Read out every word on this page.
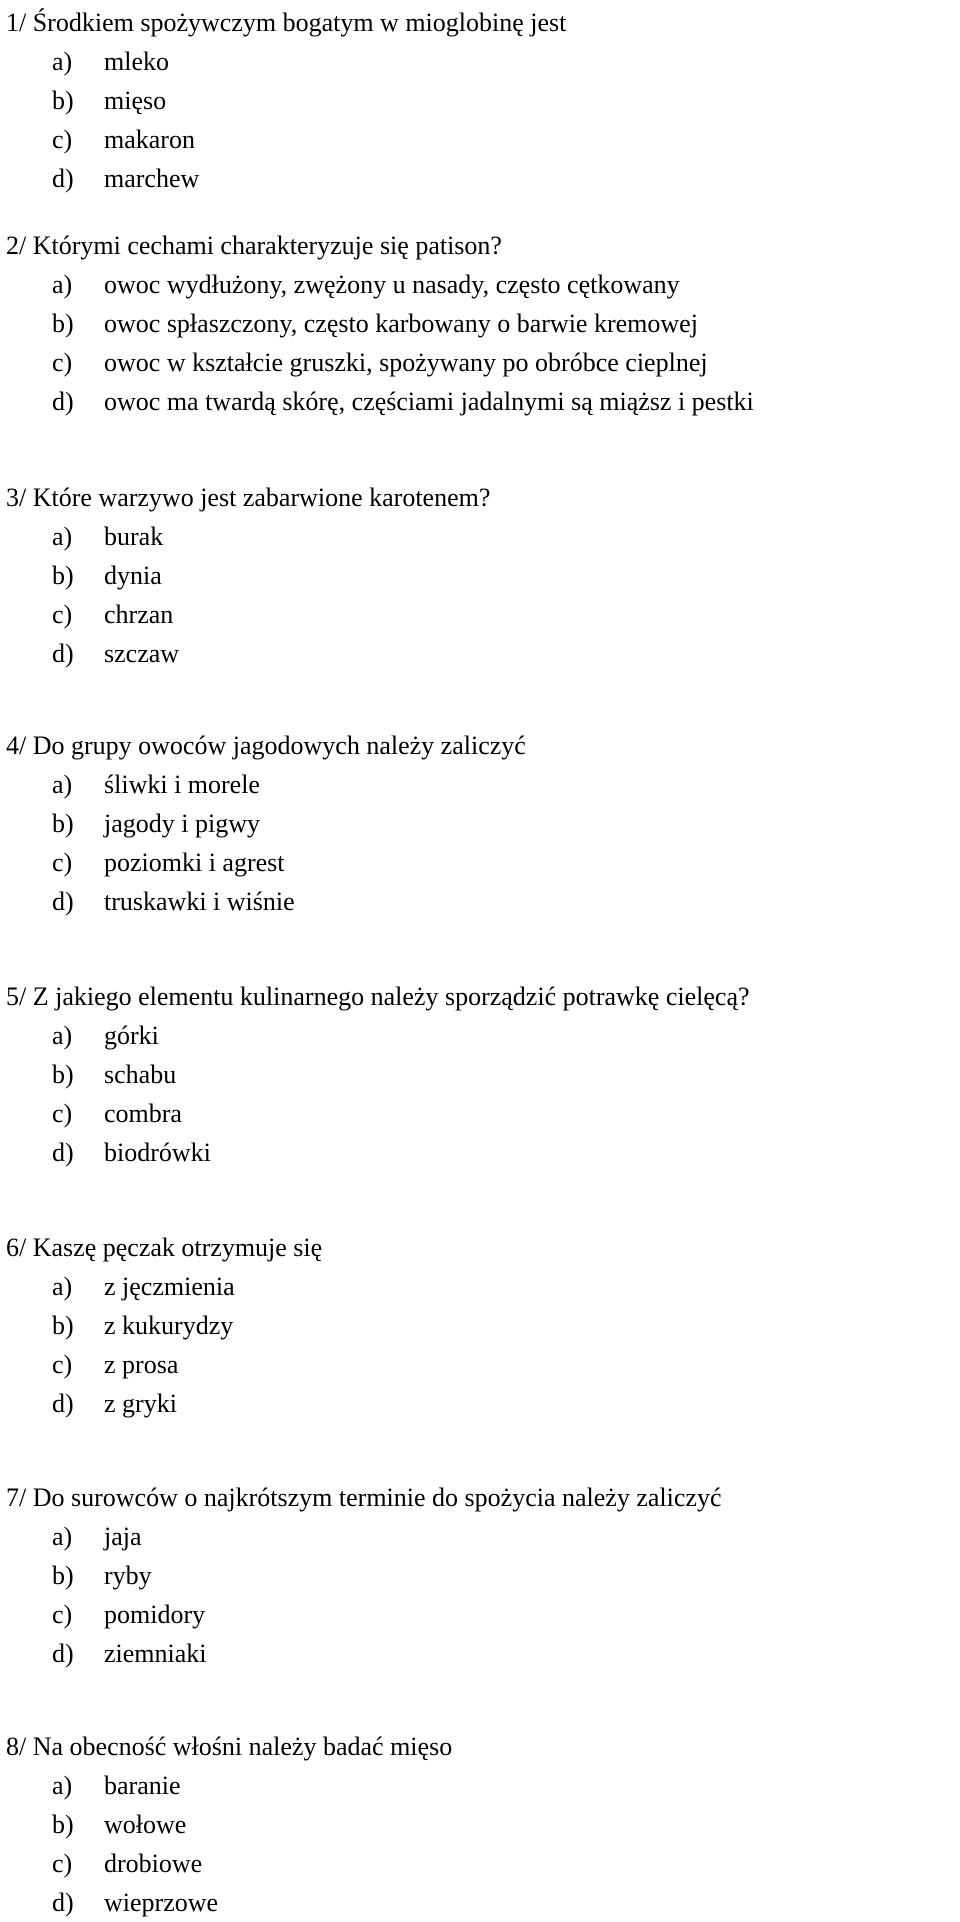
1/ Środkiem spożywczym bogatym w mioglobinę jest
a) mleko
b) mięso
c) makaron
d) marchew
2/ Którymi cechami charakteryzuje się patison?
a) owoc wydłużony, zwężony u nasady, często cętkowany
b) owoc spłaszczony, często karbowany o barwie kremowej
c) owoc w kształcie gruszki, spożywany po obróbce cieplnej
d) owoc ma twardą skórę, częściami jadalnymi są miąższ i pestki
3/ Które warzywo jest zabarwione karotenem?
a) burak
b) dynia
c) chrzan
d) szczaw
4/ Do grupy owoców jagodowych należy zaliczyć
a) śliwki i morele
b) jagody i pigwy
c) poziomki i agrest
d) truskawki i wiśnie
5/ Z jakiego elementu kulinarnego należy sporządzić potrawkę cielęcą?
a) górki
b) schabu
c) combra
d) biodrówki
6/ Kaszę pęczak otrzymuje się
a) z jęczmienia
b) z kukurydzy
c) z prosa
d) z gryki
7/ Do surowców o najkrótszym terminie do spożycia należy zaliczyć
a) jaja
b) ryby
c) pomidory
d) ziemniaki
8/ Na obecność włośni należy badać mięso
a) baranie
b) wołowe
c) drobiowe
d) wieprzowe
